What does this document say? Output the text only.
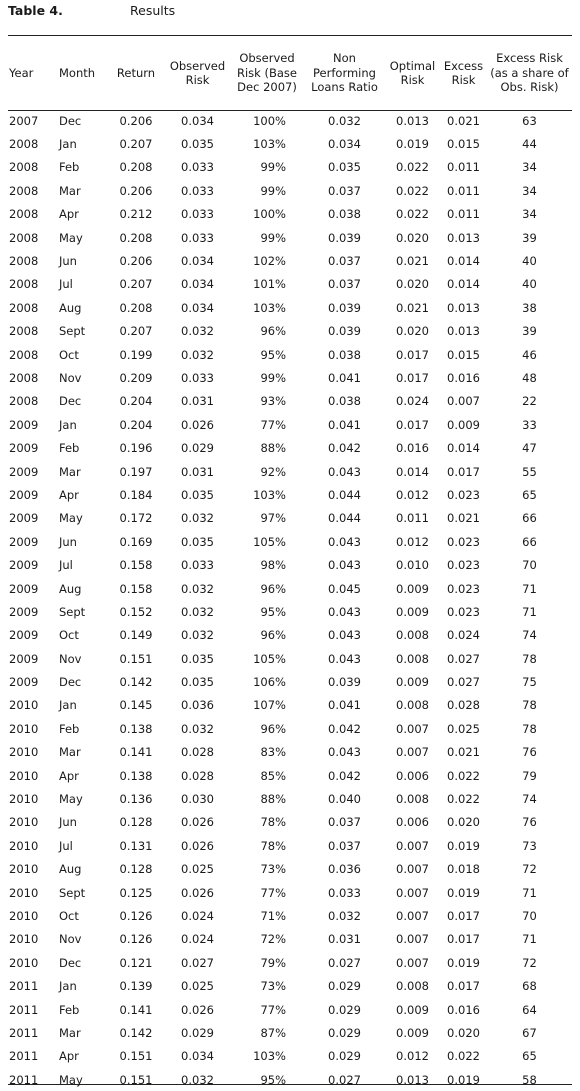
Table 4.	Results
Year	Month	Return	Observed Risk	Observed Risk (Base Dec 2007)	Non Performing Loans Ratio	Optimal Risk	Excess Risk	Excess Risk (as a share of Obs. Risk)
2007	Dec	0.206	0.034	100%	0.032	0.013	0.021	63
2008	Jan	0.207	0.035	103%	0.034	0.019	0.015	44
2008	Feb	0.208	0.033	99%	0.035	0.022	0.011	34
2008	Mar	0.206	0.033	99%	0.037	0.022	0.011	34
2008	Apr	0.212	0.033	100%	0.038	0.022	0.011	34
2008	May	0.208	0.033	99%	0.039	0.020	0.013	39
2008	Jun	0.206	0.034	102%	0.037	0.021	0.014	40
2008	Jul	0.207	0.034	101%	0.037	0.020	0.014	40
2008	Aug	0.208	0.034	103%	0.039	0.021	0.013	38
2008	Sept	0.207	0.032	96%	0.039	0.020	0.013	39
2008	Oct	0.199	0.032	95%	0.038	0.017	0.015	46
2008	Nov	0.209	0.033	99%	0.041	0.017	0.016	48
2008	Dec	0.204	0.031	93%	0.038	0.024	0.007	22
2009	Jan	0.204	0.026	77%	0.041	0.017	0.009	33
2009	Feb	0.196	0.029	88%	0.042	0.016	0.014	47
2009	Mar	0.197	0.031	92%	0.043	0.014	0.017	55
2009	Apr	0.184	0.035	103%	0.044	0.012	0.023	65
2009	May	0.172	0.032	97%	0.044	0.011	0.021	66
2009	Jun	0.169	0.035	105%	0.043	0.012	0.023	66
2009	Jul	0.158	0.033	98%	0.043	0.010	0.023	70
2009	Aug	0.158	0.032	96%	0.045	0.009	0.023	71
2009	Sept	0.152	0.032	95%	0.043	0.009	0.023	71
2009	Oct	0.149	0.032	96%	0.043	0.008	0.024	74
2009	Nov	0.151	0.035	105%	0.043	0.008	0.027	78
2009	Dec	0.142	0.035	106%	0.039	0.009	0.027	75
2010	Jan	0.145	0.036	107%	0.041	0.008	0.028	78
2010	Feb	0.138	0.032	96%	0.042	0.007	0.025	78
2010	Mar	0.141	0.028	83%	0.043	0.007	0.021	76
2010	Apr	0.138	0.028	85%	0.042	0.006	0.022	79
2010	May	0.136	0.030	88%	0.040	0.008	0.022	74
2010	Jun	0.128	0.026	78%	0.037	0.006	0.020	76
2010	Jul	0.131	0.026	78%	0.037	0.007	0.019	73
2010	Aug	0.128	0.025	73%	0.036	0.007	0.018	72
2010	Sept	0.125	0.026	77%	0.033	0.007	0.019	71
2010	Oct	0.126	0.024	71%	0.032	0.007	0.017	70
2010	Nov	0.126	0.024	72%	0.031	0.007	0.017	71
2010	Dec	0.121	0.027	79%	0.027	0.007	0.019	72
2011	Jan	0.139	0.025	73%	0.029	0.008	0.017	68
2011	Feb	0.141	0.026	77%	0.029	0.009	0.016	64
2011	Mar	0.142	0.029	87%	0.029	0.009	0.020	67
2011	Apr	0.151	0.034	103%	0.029	0.012	0.022	65
2011	May	0.151	0.032	95%	0.027	0.013	0.019	58
